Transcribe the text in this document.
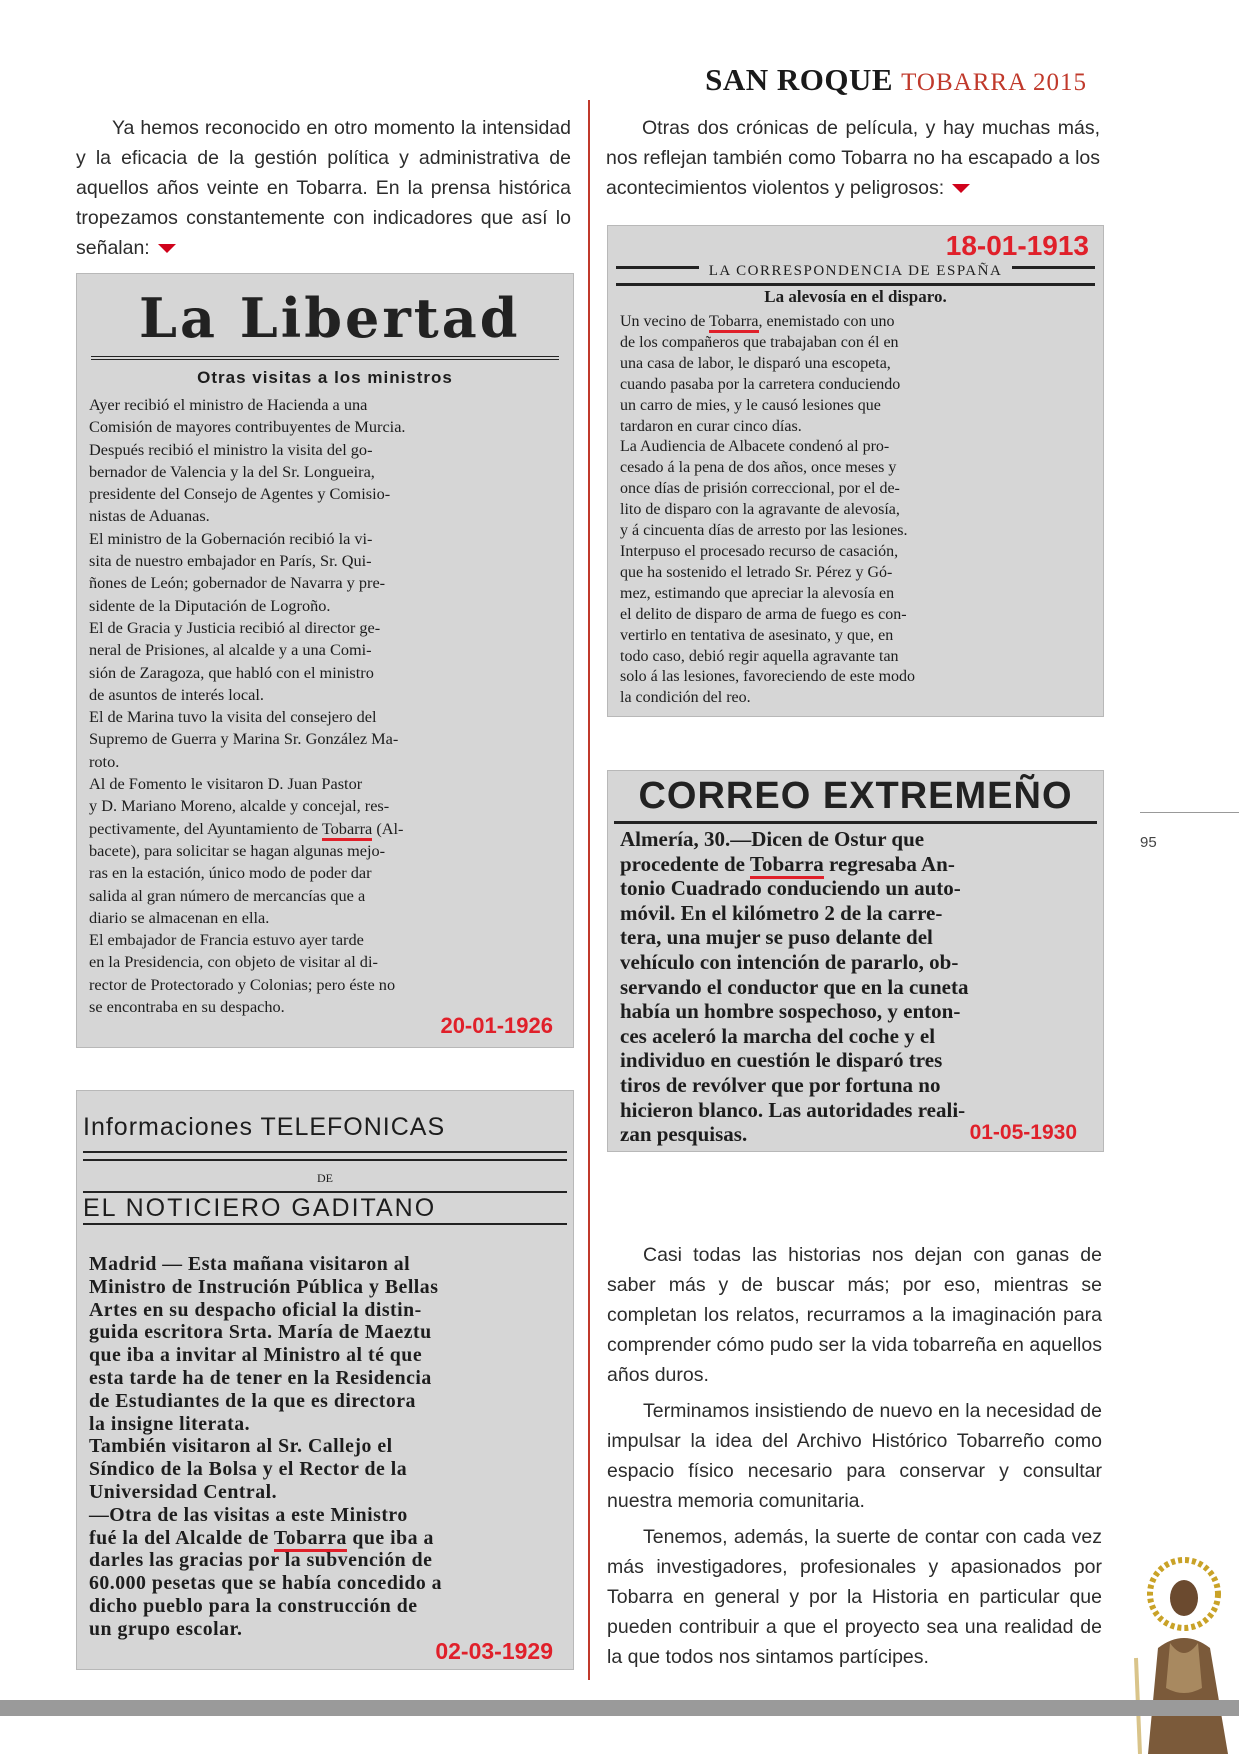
SAN ROQUE TOBARRA 2015

Ya hemos reconocido en otro momento la intensidad y la eficacia de la gestión política y administrativa de aquellos años veinte en Tobarra. En la prensa histórica tropezamos constantemente con indicadores que así lo señalan:

Otras dos crónicas de película, y hay muchas más, nos reflejan también como Tobarra no ha escapado a los acontecimientos violentos y peligrosos:

La Libertad
Otras visitas a los ministros
Ayer recibió el ministro de Hacienda a una
Comisión de mayores contribuyentes de Murcia.
Después recibió el ministro la visita del go-
bernador de Valencia y la del Sr. Longueira,
presidente del Consejo de Agentes y Comisio-
nistas de Aduanas.
El ministro de la Gobernación recibió la vi-
sita de nuestro embajador en París, Sr. Qui-
ñones de León; gobernador de Navarra y pre-
sidente de la Diputación de Logroño.
El de Gracia y Justicia recibió al director ge-
neral de Prisiones, al alcalde y a una Comi-
sión de Zaragoza, que habló con el ministro
de asuntos de interés local.
El de Marina tuvo la visita del consejero del
Supremo de Guerra y Marina Sr. González Ma-
roto.
Al de Fomento le visitaron D. Juan Pastor
y D. Mariano Moreno, alcalde y concejal, res-
pectivamente, del Ayuntamiento de Tobarra (Al-
bacete), para solicitar se hagan algunas mejo-
ras en la estación, único modo de poder dar
salida al gran número de mercancías que a
diario se almacenan en ella.
El embajador de Francia estuvo ayer tarde
en la Presidencia, con objeto de visitar al di-
rector de Protectorado y Colonias; pero éste no
se encontraba en su despacho.
20-01-1926
18-01-1913
LA CORRESPONDENCIA DE ESPAÑA
La alevosía en el disparo.
Un vecino de Tobarra, enemistado con uno
de los compañeros que trabajaban con él en
una casa de labor, le disparó una escopeta,
cuando pasaba por la carretera conduciendo
un carro de mies, y le causó lesiones que
tardaron en curar cinco días.
La Audiencia de Albacete condenó al pro-
cesado á la pena de dos años, once meses y
once días de prisión correccional, por el de-
lito de disparo con la agravante de alevosía,
y á cincuenta días de arresto por las lesiones.
Interpuso el procesado recurso de casación,
que ha sostenido el letrado Sr. Pérez y Gó-
mez, estimando que apreciar la alevosía en
el delito de disparo de arma de fuego es con-
vertirlo en tentativa de asesinato, y que, en
todo caso, debió regir aquella agravante tan
solo á las lesiones, favoreciendo de este modo
la condición del reo.
CORREO EXTREMEÑO
Almería, 30.—Dicen de Ostur que
procedente de Tobarra regresaba An-
tonio Cuadrado conduciendo un auto-
móvil. En el kilómetro 2 de la carre-
tera, una mujer se puso delante del
vehículo con intención de pararlo, ob-
servando el conductor que en la cuneta
había un hombre sospechoso, y enton-
ces aceleró la marcha del coche y el
individuo en cuestión le disparó tres
tiros de revólver que por fortuna no
hicieron blanco. Las autoridades reali-
zan pesquisas.	01-05-1930
Informaciones TELEFONICAS
DE
EL NOTICIERO GADITANO
Madrid — Esta mañana visitaron al
Ministro de Instrución Pública y Bellas
Artes en su despacho oficial la distin-
guida escritora Srta. María de Maeztu
que iba a invitar al Ministro al té que
esta tarde ha de tener en la Residencia
de Estudiantes de la que es directora
la insigne literata.
También visitaron al Sr. Callejo el
Síndico de la Bolsa y el Rector de la
Universidad Central.
—Otra de las visitas a este Ministro
fué la del Alcalde de Tobarra que iba a
darles las gracias por la subvención de
60.000 pesetas que se había concedido a
dicho pueblo para la construcción de
un grupo escolar.
02-03-1929

Casi todas las historias nos dejan con ganas de saber más y de buscar más; por eso, mientras se completan los relatos, recurramos a la imaginación para comprender cómo pudo ser la vida tobarreña en aquellos años duros.

Terminamos insistiendo de nuevo en la necesidad de impulsar la idea del Archivo Histórico Tobarreño como espacio físico necesario para conservar y consultar nuestra memoria comunitaria.

Tenemos, además, la suerte de contar con cada vez más investigadores, profesionales y apasionados por Tobarra en general y por la Historia en particular que pueden contribuir a que el proyecto sea una realidad de la que todos nos sintamos partícipes.

95
